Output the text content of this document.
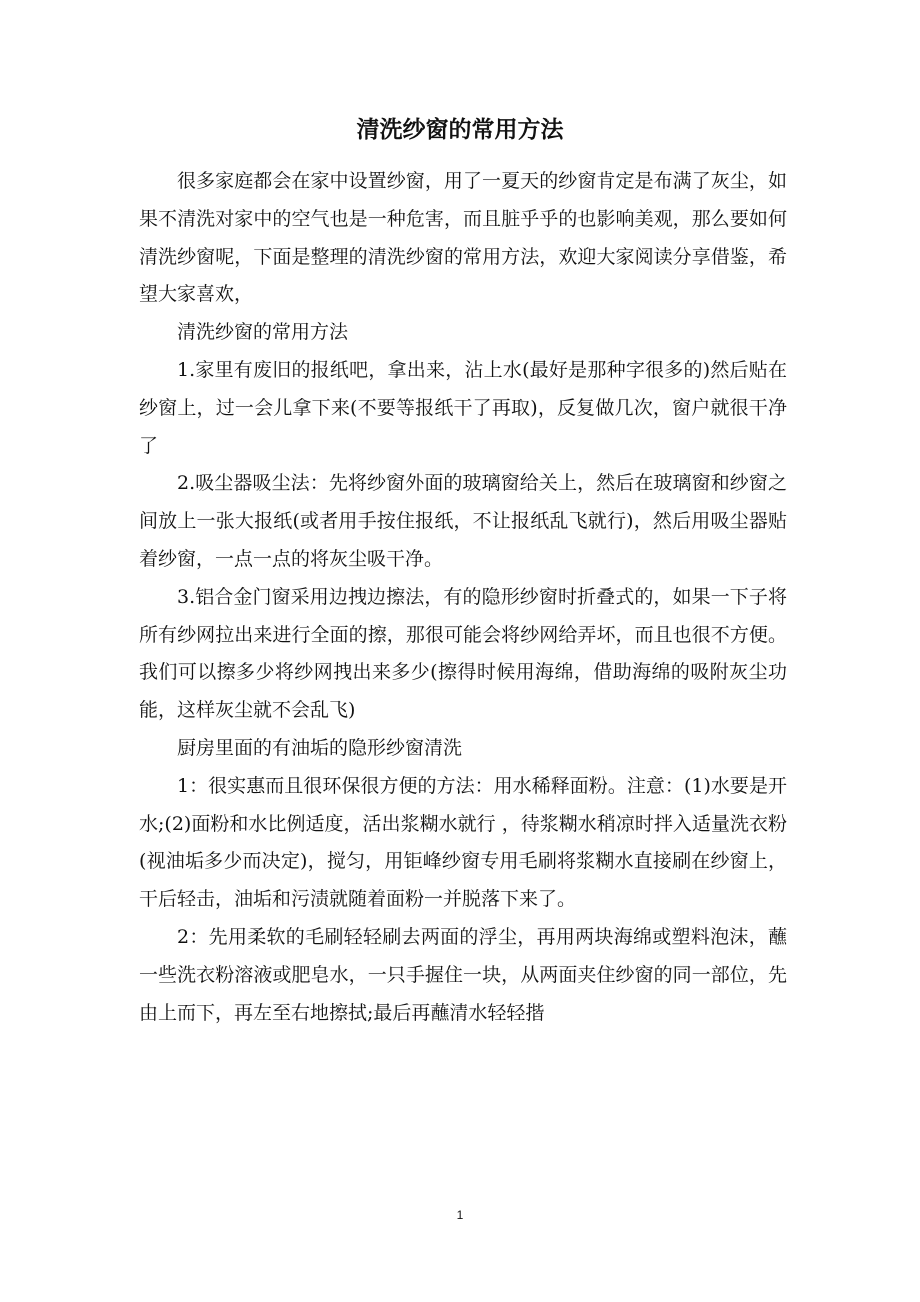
清洗纱窗的常用方法

很多家庭都会在家中设置纱窗，用了一夏天的纱窗肯定是布满了灰尘，如果不清洗对家中的空气也是一种危害，而且脏乎乎的也影响美观，那么要如何清洗纱窗呢，下面是整理的清洗纱窗的常用方法，欢迎大家阅读分享借鉴，希望大家喜欢，

清洗纱窗的常用方法

1.家里有废旧的报纸吧，拿出来，沾上水(最好是那种字很多的)然后贴在纱窗上，过一会儿拿下来(不要等报纸干了再取)，反复做几次，窗户就很干净了

2.吸尘器吸尘法：先将纱窗外面的玻璃窗给关上，然后在玻璃窗和纱窗之间放上一张大报纸(或者用手按住报纸，不让报纸乱飞就行)，然后用吸尘器贴着纱窗，一点一点的将灰尘吸干净。

3.铝合金门窗采用边拽边擦法，有的隐形纱窗时折叠式的，如果一下子将所有纱网拉出来进行全面的擦，那很可能会将纱网给弄坏，而且也很不方便。我们可以擦多少将纱网拽出来多少(擦得时候用海绵，借助海绵的吸附灰尘功能，这样灰尘就不会乱飞)

厨房里面的有油垢的隐形纱窗清洗

1：很实惠而且很环保很方便的方法：用水稀释面粉。注意：(1)水要是开水;(2)面粉和水比例适度，活出浆糊水就行 ，待浆糊水稍凉时拌入适量洗衣粉(视油垢多少而决定)，搅匀，用钜峰纱窗专用毛刷将浆糊水直接刷在纱窗上，干后轻击，油垢和污渍就随着面粉一并脱落下来了。

2：先用柔软的毛刷轻轻刷去两面的浮尘，再用两块海绵或塑料泡沫，蘸一些洗衣粉溶液或肥皂水，一只手握住一块，从两面夹住纱窗的同一部位，先由上而下，再左至右地擦拭;最后再蘸清水轻轻揩

1
